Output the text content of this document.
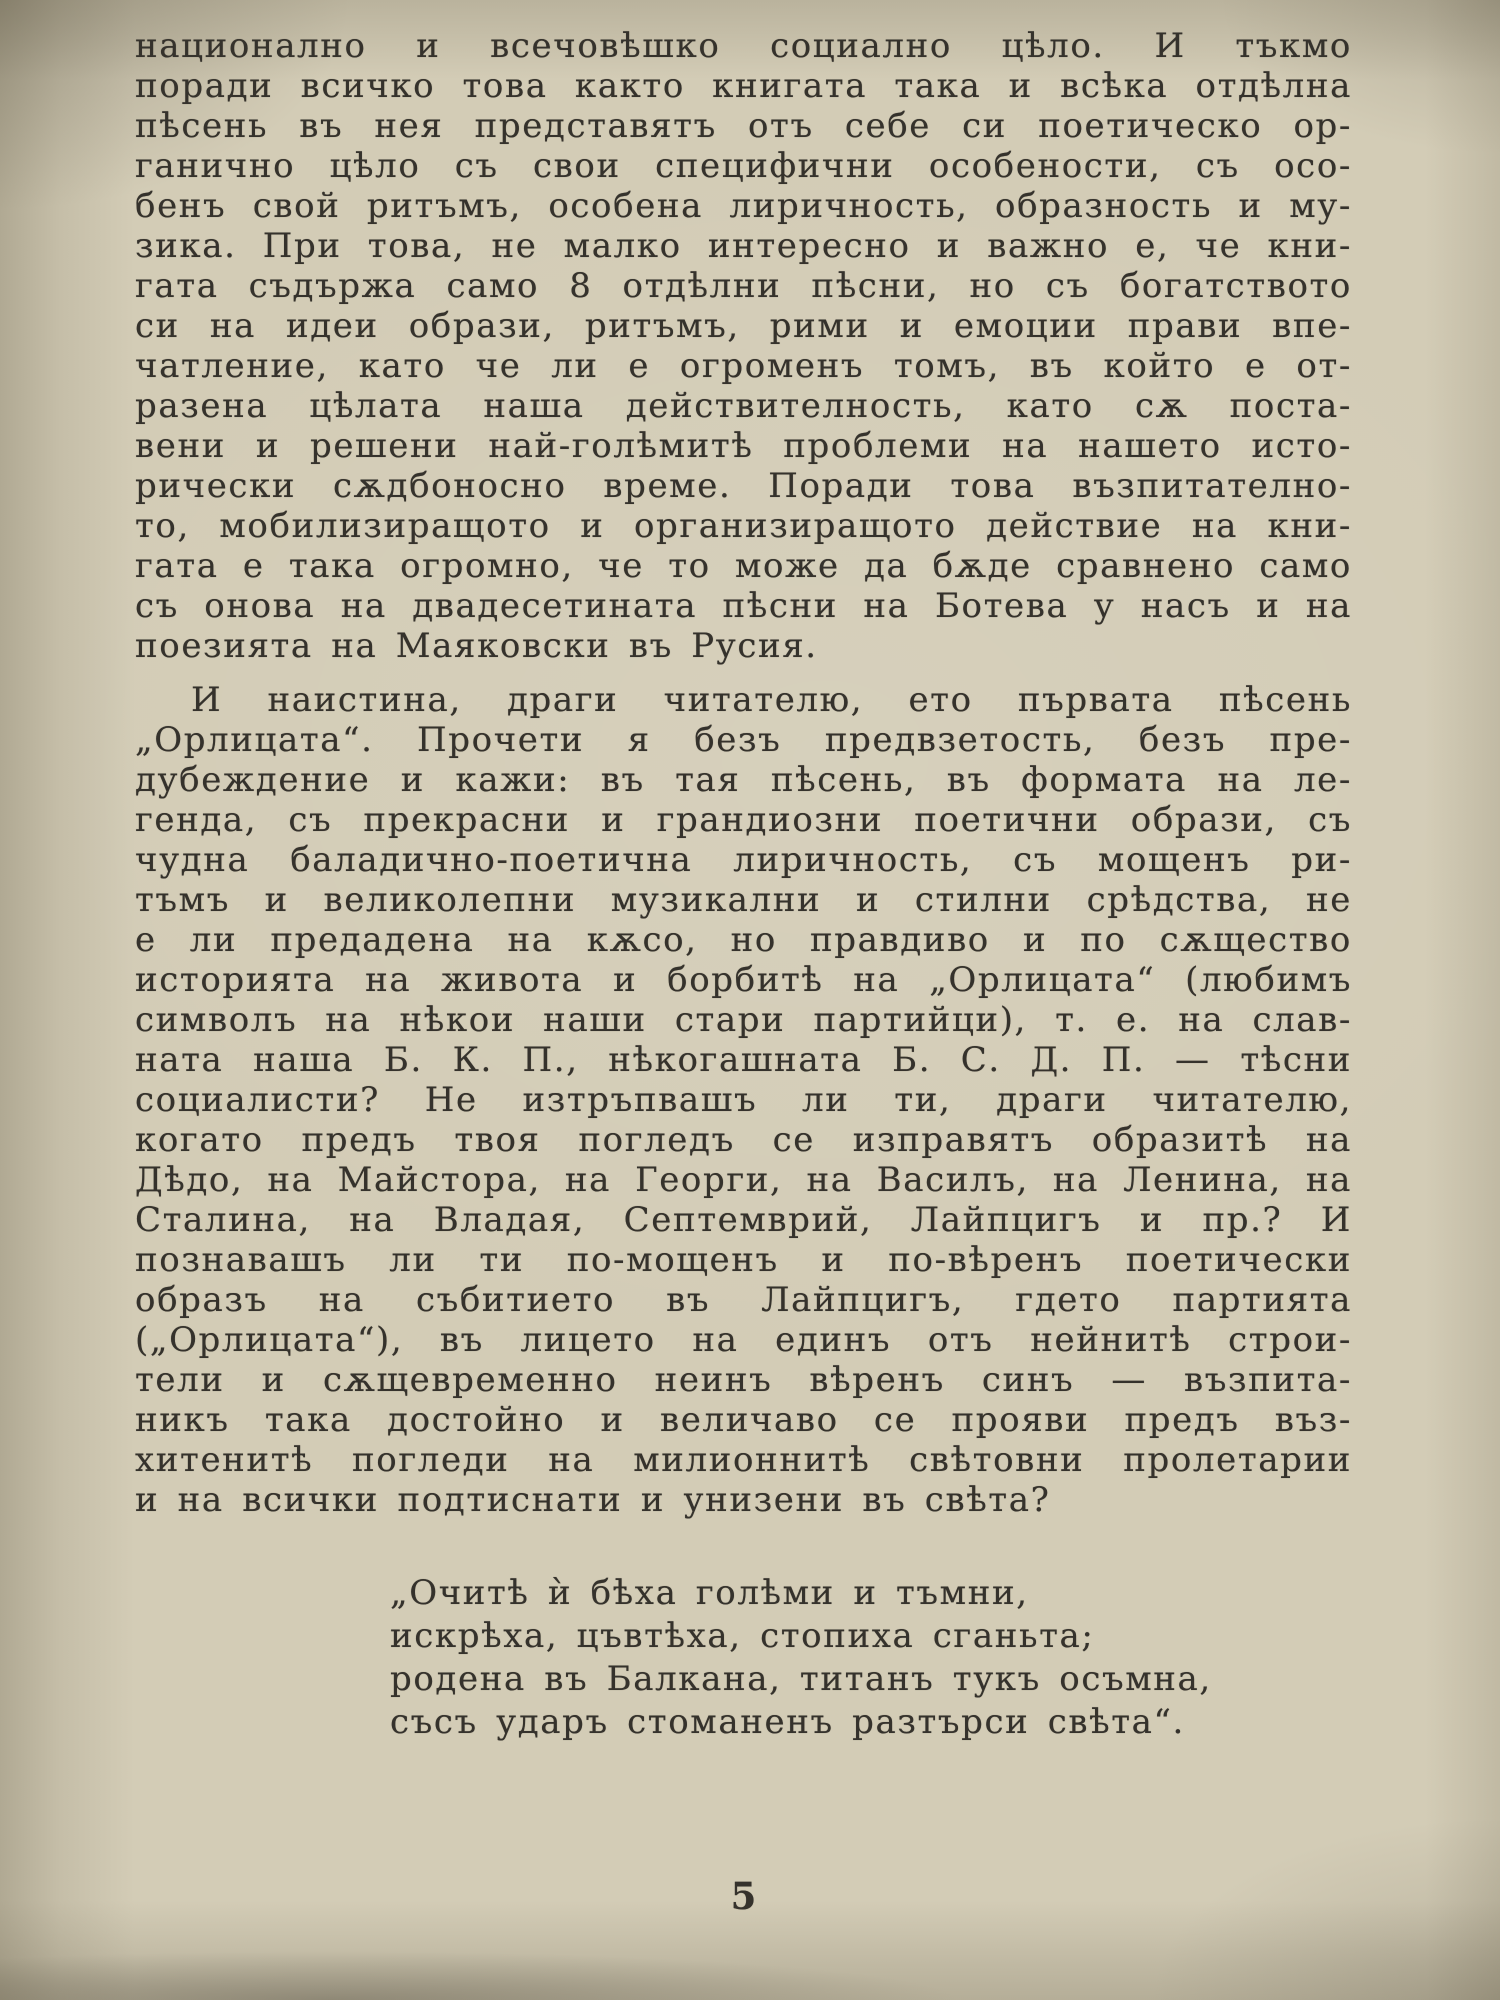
национално и всечовѣшко социално цѣло. И тъкмо
поради всичко това както книгата така и всѣка отдѣлна
пѣсень въ нея представятъ отъ себе си поетическо ор-
ганично цѣло съ свои специфични особености, съ осо-
бенъ свой ритъмъ, особена лиричность, образность и му-
зика. При това, не малко интересно и важно е, че кни-
гата съдържа само 8 отдѣлни пѣсни, но съ богатството
си на идеи образи, ритъмъ, рими и емоции прави впе-
чатление, като че ли е огроменъ томъ, въ който е от-
разена цѣлата наша действителность, като сѫ поста-
вени и решени най-голѣмитѣ проблеми на нашето исто-
рически сѫдбоносно време. Поради това възпитателно-
то, мобилизиращото и организиращото действие на кни-
гата е така огромно, че то може да бѫде сравнено само
съ онова на двадесетината пѣсни на Ботева у насъ и на
поезията на Маяковски въ Русия.
И наистина, драги читателю, ето първата пѣсень
„Орлицата“. Прочети я безъ предвзетость, безъ пре-
дубеждение и кажи: въ тая пѣсень, въ формата на ле-
генда, съ прекрасни и грандиозни поетични образи, съ
чудна баладично-поетична лиричность, съ мощенъ ри-
тъмъ и великолепни музикални и стилни срѣдства, не
е ли предадена на кѫсо, но правдиво и по сѫщество
историята на живота и борбитѣ на „Орлицата“ (любимъ
символъ на нѣкои наши стари партийци), т. е. на слав-
ната наша Б. К. П., нѣкогашната Б. С. Д. П. — тѣсни
социалисти? Не изтръпвашъ ли ти, драги читателю,
когато предъ твоя погледъ се изправятъ образитѣ на
Дѣдо, на Майстора, на Георги, на Василъ, на Ленина, на
Сталина, на Владая, Септемврий, Лайпцигъ и пр.? И
познавашъ ли ти по-мощенъ и по-вѣренъ поетически
образъ на събитието въ Лайпцигъ, гдето партията
(„Орлицата“), въ лицето на единъ отъ нейнитѣ строи-
тели и сѫщевременно неинъ вѣренъ синъ — възпита-
никъ така достойно и величаво се прояви предъ въз-
хитенитѣ погледи на милионнитѣ свѣтовни пролетарии
и на всички подтиснати и унизени въ свѣта?
„Очитѣ ѝ бѣха голѣми и тъмни,
искрѣха, цъвтѣха, стопиха сганьта;
родена въ Балкана, титанъ тукъ осъмна,
съсъ ударъ стоманенъ разтърси свѣта“.
5
